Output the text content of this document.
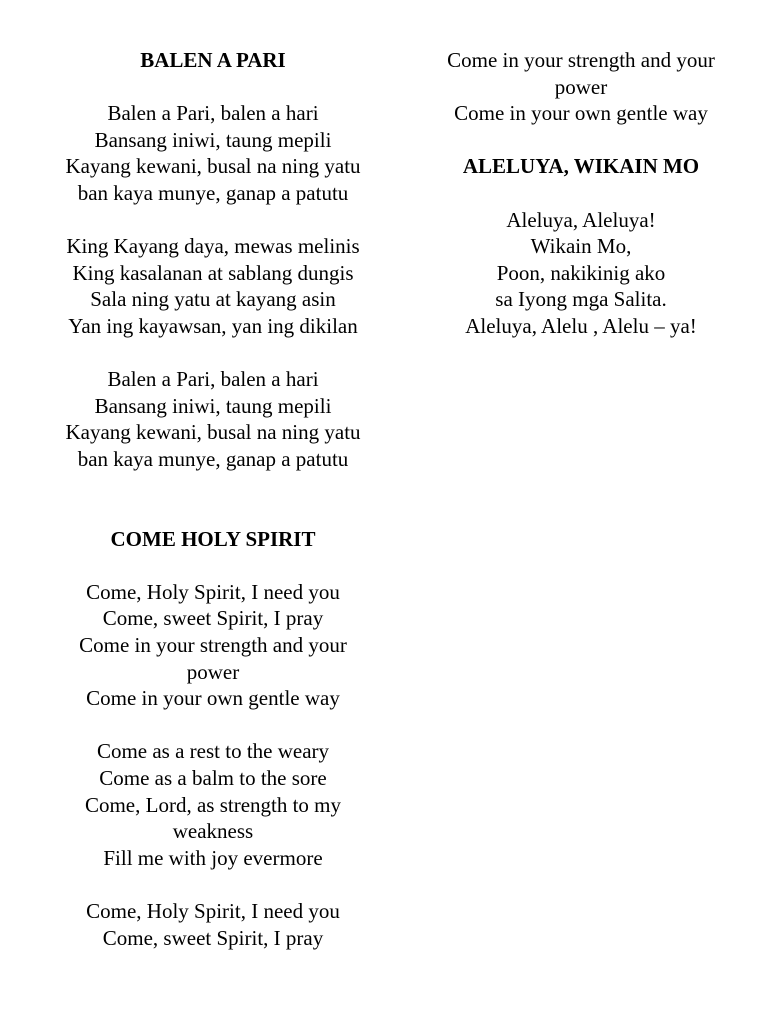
BALEN A PARI
Balen a Pari, balen a hari
Bansang iniwi, taung mepili
Kayang kewani, busal na ning yatu
ban kaya munye, ganap a patutu
King Kayang daya, mewas melinis
King kasalanan at sablang dungis
Sala ning yatu at kayang asin
Yan ing kayawsan, yan ing dikilan
Balen a Pari, balen a hari
Bansang iniwi, taung mepili
Kayang kewani, busal na ning yatu
ban kaya munye, ganap a patutu
COME HOLY SPIRIT
Come, Holy Spirit, I need you
Come, sweet Spirit, I pray
Come in your strength and your
power
Come in your own gentle way
Come as a rest to the weary
Come as a balm to the sore
Come, Lord, as strength to my
weakness
Fill me with joy evermore
Come, Holy Spirit, I need you
Come, sweet Spirit, I pray
Come in your strength and your
power
Come in your own gentle way
ALELUYA, WIKAIN MO
Aleluya, Aleluya!
Wikain Mo,
Poon, nakikinig ako
sa Iyong mga Salita.
Aleluya, Alelu , Alelu – ya!
